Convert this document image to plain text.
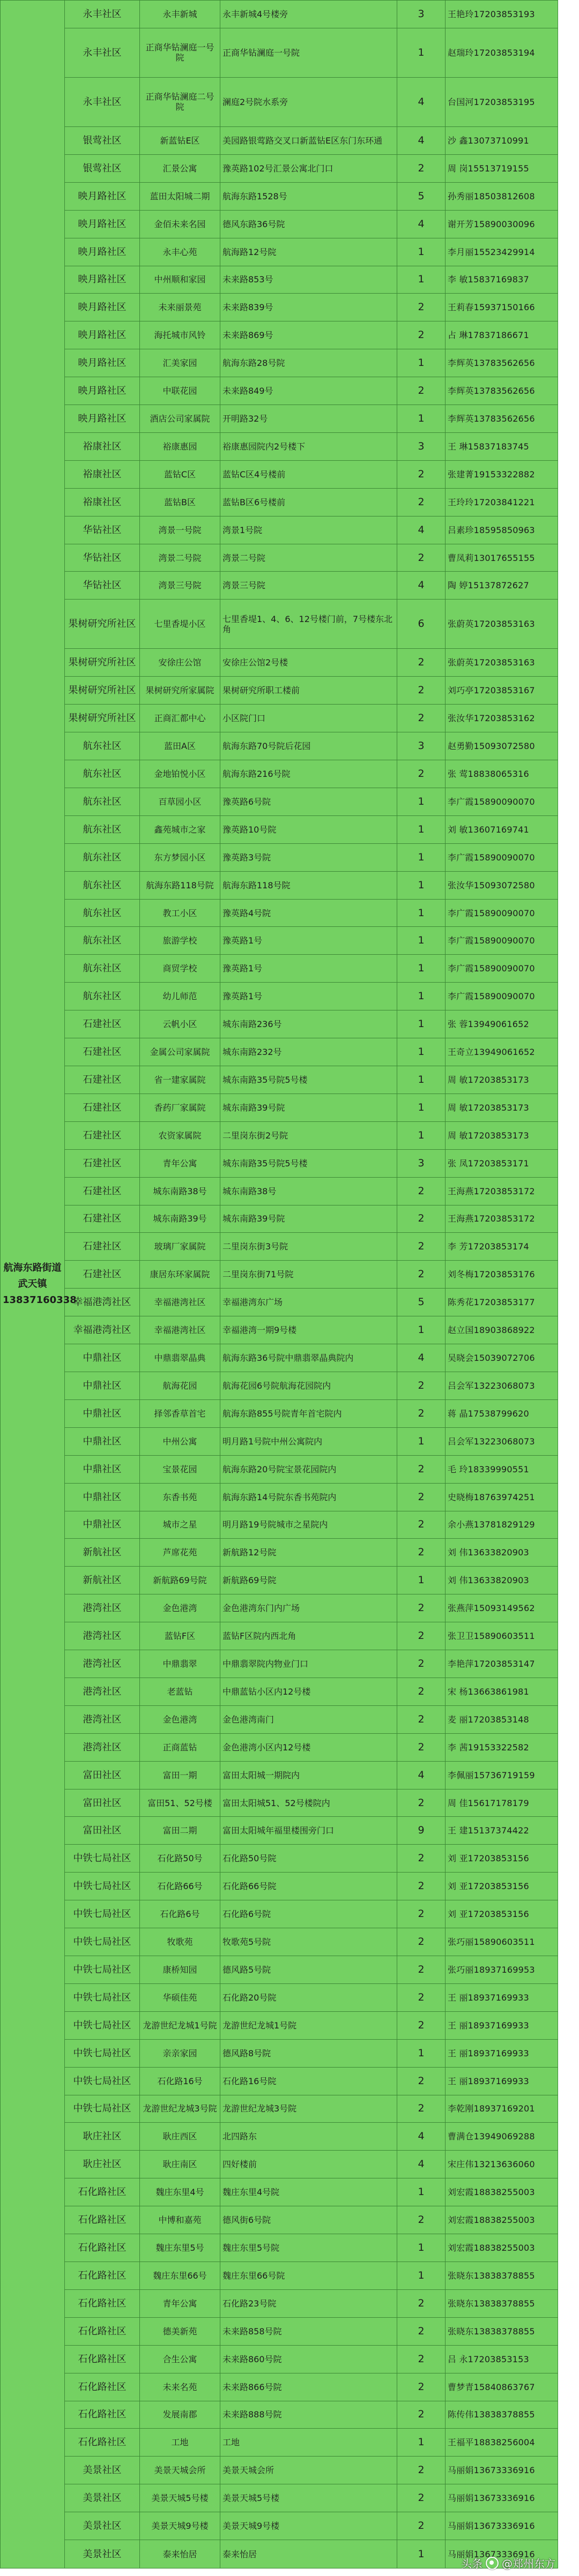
航海东路街道
武天镇
13837160338	永丰社区	永丰新城	永丰新城4号楼旁	3	王艳玲17203853193
	永丰社区	正商华钻澜庭一号院	正商华钻澜庭一号院	1	赵瑞玲17203853194
	永丰社区	正商华钻澜庭二号院	澜庭2号院水系旁	4	台国河17203853195
	银莺社区	新蓝钻E区	美园路银莺路交叉口新蓝钻E区东门东环通	4	沙 鑫13073710991
	银莺社区	汇景公寓	豫英路102号汇景公寓北门口	2	周 岗15513719155
	映月路社区	蓝田太阳城二期	航海东路1528号	5	孙秀丽18503812608
	映月路社区	金佰未来名园	德风东路36号院	4	谢开芳15890030096
	映月路社区	永丰心苑	航海路12号院	1	李月丽15523429914
	映月路社区	中州顺和家园	未来路853号	1	李 敏15837169837
	映月路社区	未来丽景苑	未来路839号	2	王莉春15937150166
	映月路社区	海托城市风铃	未来路869号	2	占 琳17837186671
	映月路社区	汇美家园	航海东路28号院	1	李辉英13783562656
	映月路社区	中联花园	未来路849号	2	李辉英13783562656
	映月路社区	酒店公司家属院	开明路32号	1	李辉英13783562656
	裕康社区	裕康惠园	裕康惠园院内2号楼下	3	王 琳15837183745
	裕康社区	蓝钻C区	蓝钻C区4号楼前	2	张建菁19153322882
	裕康社区	蓝钻B区	蓝钻B区6号楼前	2	王玲玲17203841221
	华钻社区	湾景一号院	湾景1号院	4	吕素珍18595850963
	华钻社区	湾景二号院	湾景二号院	2	曹凤莉13017655155
	华钻社区	湾景三号院	湾景三号院	4	陶 婷15137872627
	果树研究所社区	七里香堤小区	七里香堤1、4、6、12号楼门前，7号楼东北角	6	张蔚英17203853163
	果树研究所社区	安徐庄公馆	安徐庄公馆2号楼	2	张蔚英17203853163
	果树研究所社区	果树研究所家属院	果树研究所职工楼前	2	刘巧亭17203853167
	果树研究所社区	正商汇都中心	小区院门口	2	张汝华17203853162
	航东社区	蓝田A区	航海东路70号院后花园	3	赵勇勤15093072580
	航东社区	金地铂悦小区	航海东路216号院	2	张 莺18838065316
	航东社区	百草园小区	豫英路6号院	1	李广霞15890090070
	航东社区	鑫苑城市之家	豫英路10号院	1	刘 敏13607169741
	航东社区	东方梦园小区	豫英路3号院	1	李广霞15890090070
	航东社区	航海东路118号院	航海东路118号院	1	张汝华15093072580
	航东社区	教工小区	豫英路4号院	1	李广霞15890090070
	航东社区	旅游学校	豫英路1号	1	李广霞15890090070
	航东社区	商贸学校	豫英路1号	1	李广霞15890090070
	航东社区	幼儿师范	豫英路1号	1	李广霞15890090070
	石建社区	云帆小区	城东南路236号	1	张 蓉13949061652
	石建社区	金属公司家属院	城东南路232号	1	王奇立13949061652
	石建社区	省一建家属院	城东南路35号院5号楼	1	周 敏17203853173
	石建社区	香药厂家属院	城东南路39号院	1	周 敏17203853173
	石建社区	农资家属院	二里岗东街2号院	1	周 敏17203853173
	石建社区	青年公寓	城东南路35号院5号楼	3	张 凤17203853171
	石建社区	城东南路38号	城东南路38号	2	王海燕17203853172
	石建社区	城东南路39号	城东南路39号院	2	王海燕17203853172
	石建社区	玻璃厂家属院	二里岗东街3号院	2	李 芳17203853174
	石建社区	康居东环家属院	二里岗东街71号院	2	刘冬梅17203853176
	幸福港湾社区	幸福港湾社区	幸福港湾东广场	5	陈秀花17203853177
	幸福港湾社区	幸福港湾社区	幸福港湾一期9号楼	1	赵立国18903868922
	中鼎社区	中鼎翡翠晶典	航海东路36号院中鼎翡翠晶典院内	4	吴晓会15039072706
	中鼎社区	航海花园	航海花园6号院航海花园院内	2	吕会军13223068073
	中鼎社区	择邻香草首宅	航海东路855号院青年首宅院内	2	蒋 晶17538799620
	中鼎社区	中州公寓	明月路1号院中州公寓院内	1	吕会军13223068073
	中鼎社区	宝景花园	航海东路20号院宝景花园院内	2	毛 玲18339990551
	中鼎社区	东香书苑	航海东路14号院东香书苑院内	2	史晓梅18763974251
	中鼎社区	城市之星	明月路19号院城市之星院内	2	余小燕13781829129
	新航社区	芦席花苑	新航路12号院	2	刘 伟13633820903
	新航社区	新航路69号院	新航路69号院	1	刘 伟13633820903
	港湾社区	金色港湾	金色港湾东门内广场	2	张燕萍15093149562
	港湾社区	蓝钻F区	蓝钻F区院内西北角	2	张卫卫15890603511
	港湾社区	中鼎翡翠	中鼎翡翠院内物业门口	2	李艳萍17203853147
	港湾社区	老蓝钻	中鼎蓝钻小区内12号楼	2	宋 杨13663861981
	港湾社区	金色港湾	金色港湾南门	2	麦 丽17203853148
	港湾社区	正商蓝钻	金色港湾小区内12号楼	2	李 茜19153322582
	富田社区	富田一期	富田太阳城一期院内	4	李佩丽15736719159
	富田社区	富田51、52号楼	富田太阳城51、52号楼院内	2	周 佳15617178179
	富田社区	富田二期	富田太阳城年福里楼围旁门口	9	王 建15137374422
	中铁七局社区	石化路50号	石化路50号院	2	刘 亚17203853156
	中铁七局社区	石化路66号	石化路66号院	2	刘 亚17203853156
	中铁七局社区	石化路6号	石化路6号院	2	刘 亚17203853156
	中铁七局社区	牧歌苑	牧歌苑5号院	2	张巧丽15890603511
	中铁七局社区	康桥知园	德风路5号院	2	张巧丽18937169953
	中铁七局社区	华硕佳苑	石化路20号院	2	王 丽18937169933
	中铁七局社区	龙游世纪龙城1号院	龙游世纪龙城1号院	2	王 丽18937169933
	中铁七局社区	亲亲家园	德风路8号院	1	王 丽18937169933
	中铁七局社区	石化路16号	石化路16号院	2	王 丽18937169933
	中铁七局社区	龙游世纪龙城3号院	龙游世纪龙城3号院	2	李乾刚18937169201
	耿庄社区	耿庄西区	北四路东	4	曹满仓13949069288
	耿庄社区	耿庄南区	四好楼前	4	宋庄伟13213636060
	石化路社区	魏庄东里4号	魏庄东里4号院	1	刘宏霞18838255003
	石化路社区	中博和嘉苑	德风街6号院	2	刘宏霞18838255003
	石化路社区	魏庄东里5号	魏庄东里5号院	1	刘宏霞18838255003
	石化路社区	魏庄东里66号	魏庄东里66号院	1	张晓东13838378855
	石化路社区	青年公寓	石化路23号院	2	张晓东13838378855
	石化路社区	德美新苑	未来路858号院	2	张晓东13838378855
	石化路社区	合生公寓	未来路860号院	2	吕 永17203853153
	石化路社区	未来名苑	未来路866号院	2	曹梦青15840863767
	石化路社区	发展南郡	未来路888号院	2	陈传伟13838378855
	石化路社区	工地	工地	1	王福平18838256004
	美景社区	美景天城会所	美景天城会所	2	马丽娟13673336916
	美景社区	美景天城5号楼	美景天城5号楼	2	马丽娟13673336916
	美景社区	美景天城9号楼	美景天城9号楼	2	马丽娟13673336916
	美景社区	泰来怡居	泰来怡居	1	马丽娟13673336916
头条 @郑州东方
